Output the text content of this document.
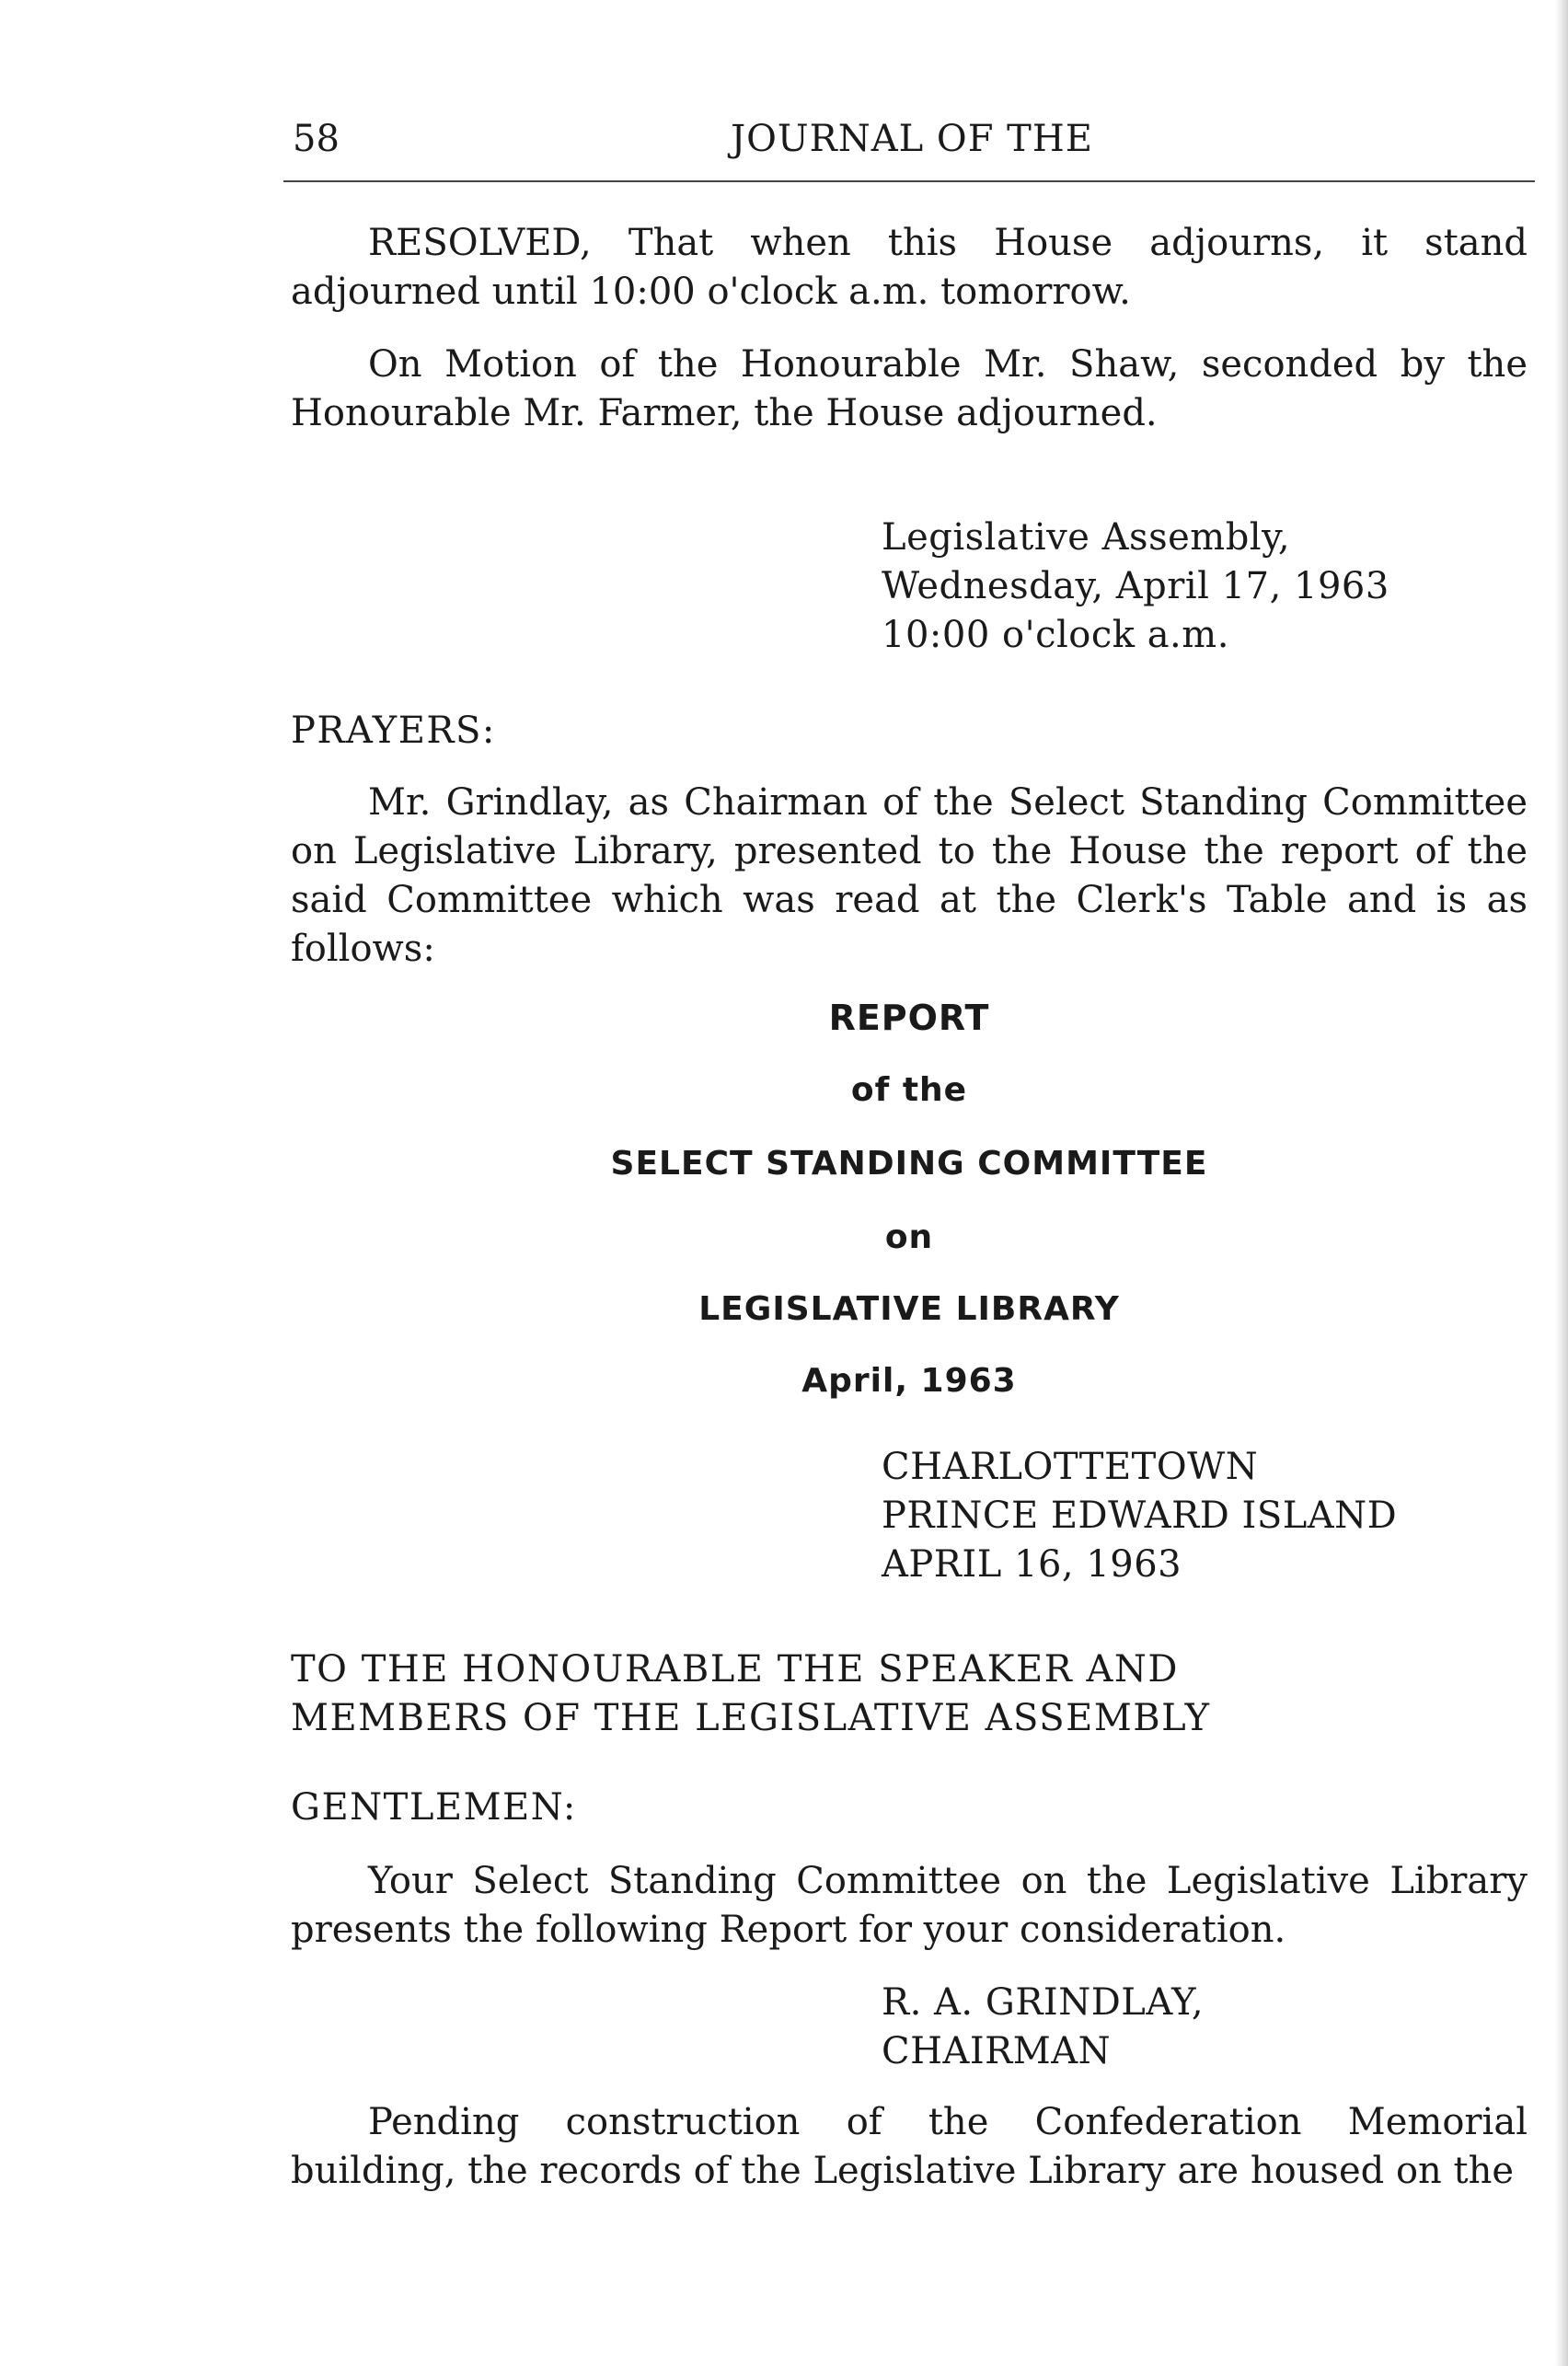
58	JOURNAL OF THE

RESOLVED, That when this House adjourns, it stand adjourned until 10:00 o'clock a.m. tomorrow.

On Motion of the Honourable Mr. Shaw, seconded by the Honourable Mr. Farmer, the House adjourned.

Legislative Assembly,
Wednesday, April 17, 1963
10:00 o'clock a.m.
PRAYERS:

Mr. Grindlay, as Chairman of the Select Standing Committee on Legislative Library, presented to the House the report of the said Committee which was read at the Clerk's Table and is as follows:

REPORT
of the
SELECT STANDING COMMITTEE
on
LEGISLATIVE LIBRARY
April, 1963
CHARLOTTETOWN
PRINCE EDWARD ISLAND
APRIL 16, 1963
TO THE HONOURABLE THE SPEAKER AND
MEMBERS OF THE LEGISLATIVE ASSEMBLY
GENTLEMEN:

Your Select Standing Committee on the Legislative Library presents the following Report for your consideration.

R. A. GRINDLAY,
CHAIRMAN

Pending construction of the Confederation Memorial building, the records of the Legislative Library are housed on the
